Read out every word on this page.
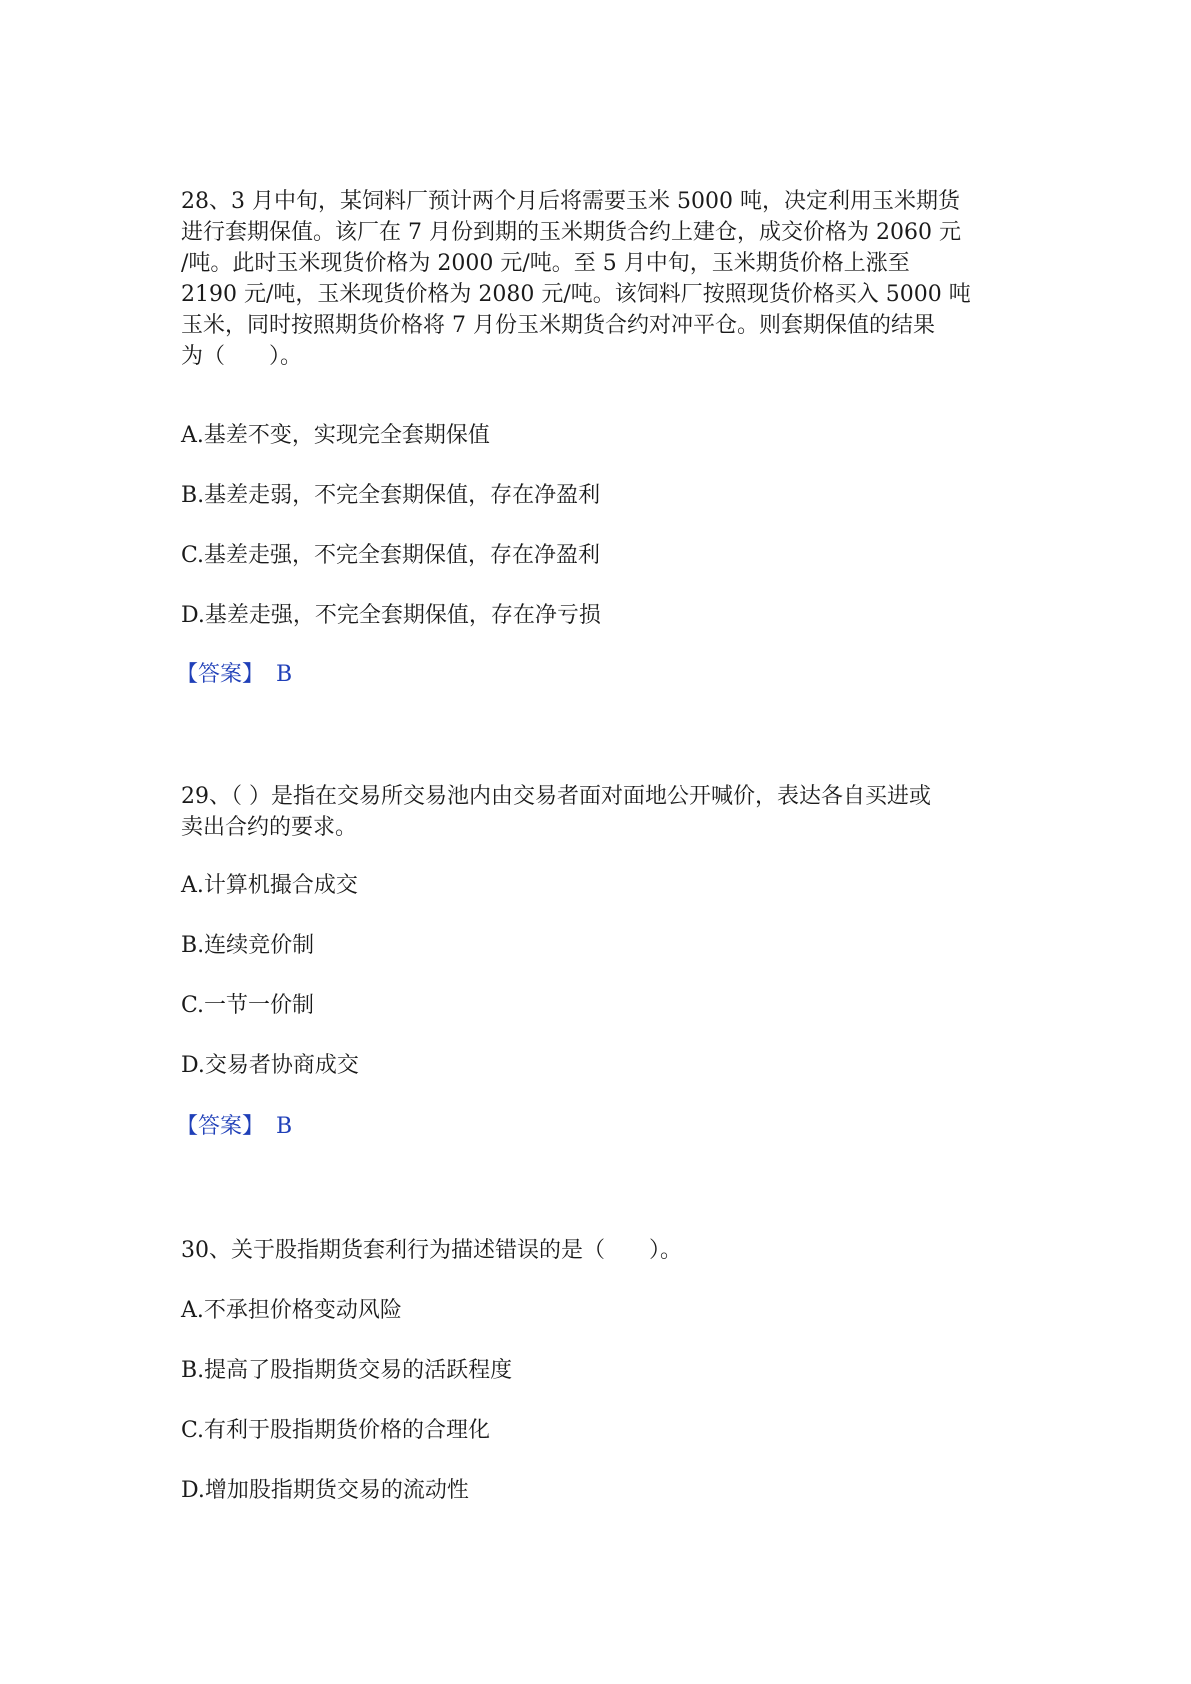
28、3 月中旬，某饲料厂预计两个月后将需要玉米 5000 吨，决定利用玉米期货
进行套期保值。该厂在 7 月份到期的玉米期货合约上建仓，成交价格为 2060 元
/吨。此时玉米现货价格为 2000 元/吨。至 5 月中旬，玉米期货价格上涨至
2190 元/吨，玉米现货价格为 2080 元/吨。该饲料厂按照现货价格买入 5000 吨
玉米，同时按照期货价格将 7 月份玉米期货合约对冲平仓。则套期保值的结果
为（　　）。
A.基差不变，实现完全套期保值
B.基差走弱，不完全套期保值，存在净盈利
C.基差走强，不完全套期保值，存在净盈利
D.基差走强，不完全套期保值，存在净亏损
【答案】 B
29、（ ）是指在交易所交易池内由交易者面对面地公开喊价，表达各自买进或
卖出合约的要求。
A.计算机撮合成交
B.连续竞价制
C.一节一价制
D.交易者协商成交
【答案】 B
30、关于股指期货套利行为描述错误的是（　　）。
A.不承担价格变动风险
B.提高了股指期货交易的活跃程度
C.有利于股指期货价格的合理化
D.增加股指期货交易的流动性
